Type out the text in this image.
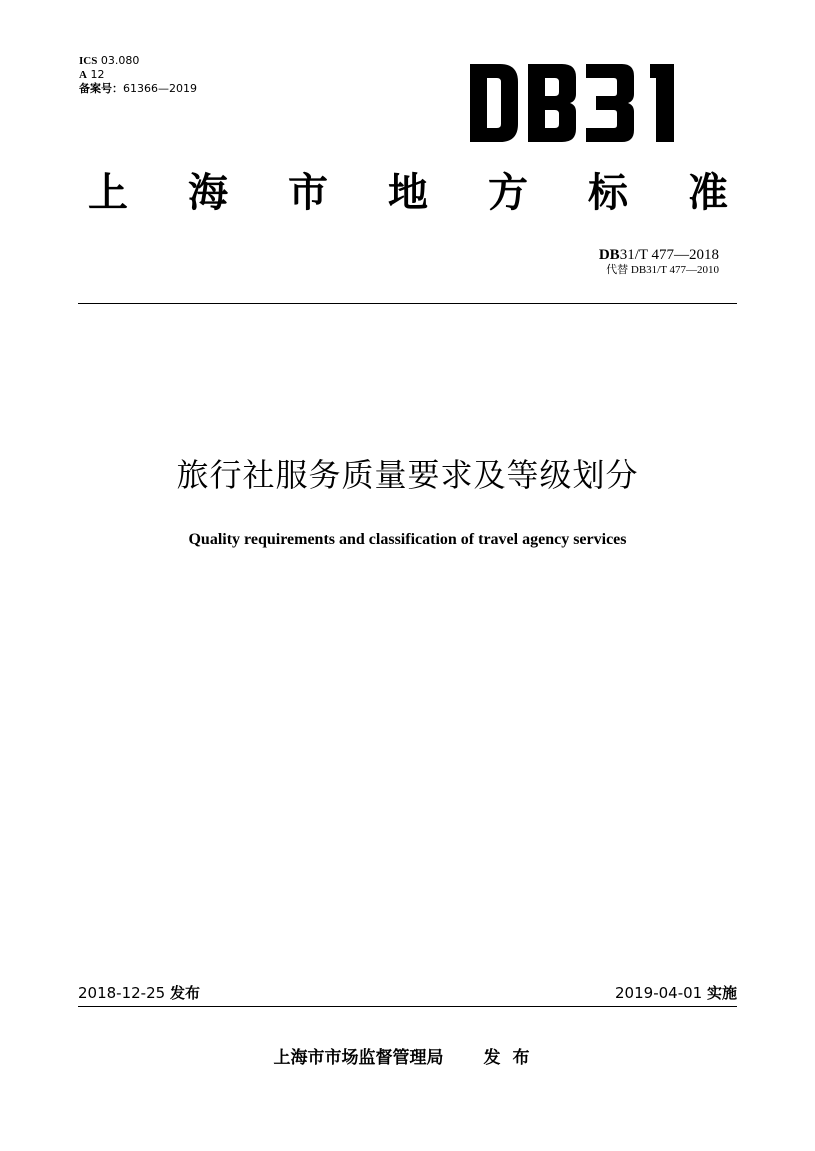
ICS 03.080
A 12
备案号：61366—2019
上 海 市 地 方 标 准
DB31/T 477—2018
代替 DB31/T 477—2010
旅行社服务质量要求及等级划分
Quality requirements and classification of travel agency services
2018-12-25 发布	2019-04-01 实施
上海市市场监督管理局 发布
